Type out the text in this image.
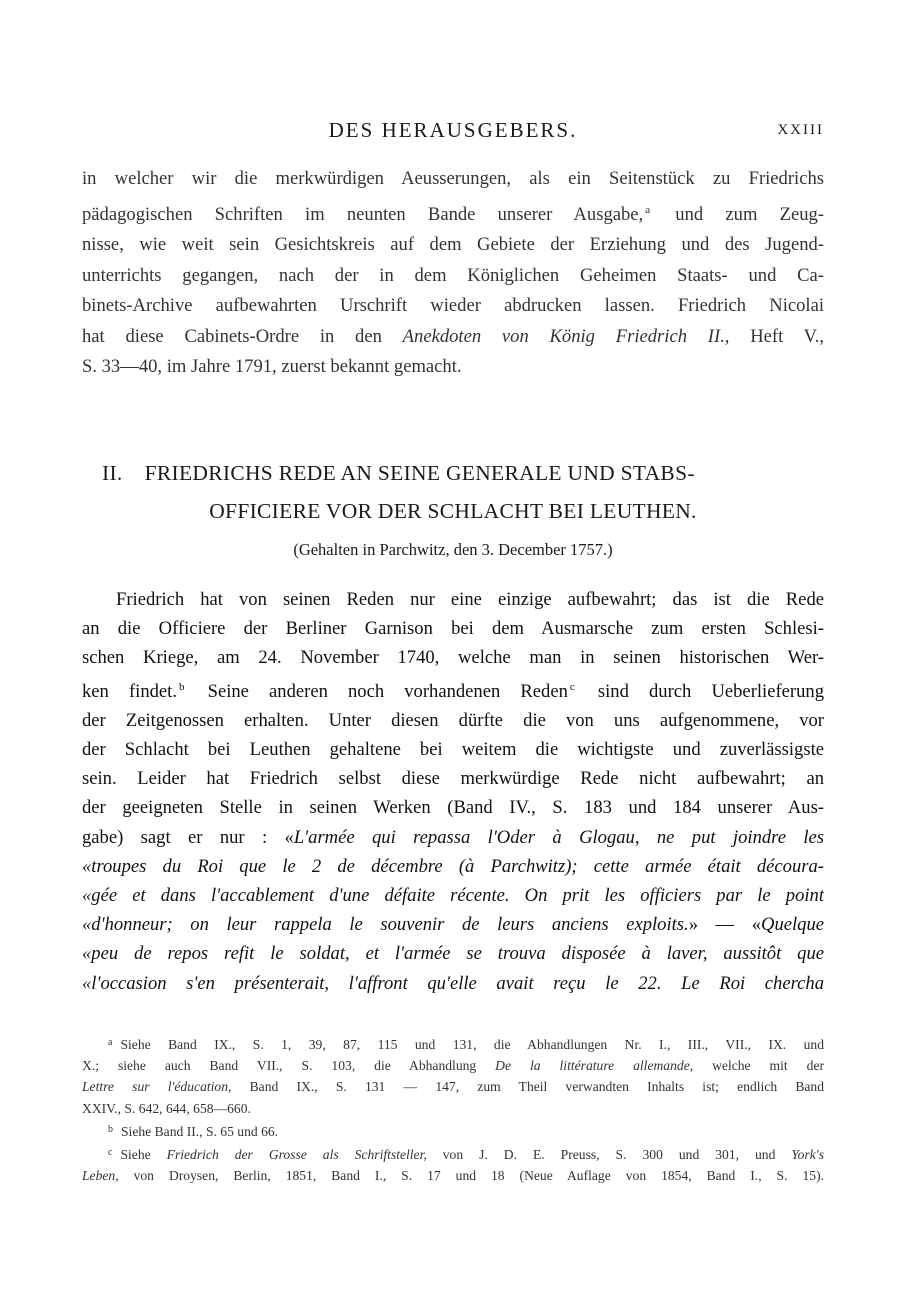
DES HERAUSGEBERS.	XXIII
in welcher wir die merkwürdigen Aeusserungen, als ein Seitenstück zu Friedrichs
pädagogischen Schriften im neunten Bande unserer Ausgabe, $^a$ und zum Zeug-
nisse, wie weit sein Gesichtskreis auf dem Gebiete der Erziehung und des Jugend-
unterrichts gegangen, nach der in dem Königlichen Geheimen Staats- und Ca-
binets-Archive aufbewahrten Urschrift wieder abdrucken lassen. Friedrich Nicolai
hat diese Cabinets-Ordre in den Anekdoten von König Friedrich II., Heft V.,
S. 33—40, im Jahre 1791, zuerst bekannt gemacht.
II. FRIEDRICHS REDE AN SEINE GENERALE UND STABS-
OFFICIERE VOR DER SCHLACHT BEI LEUTHEN.
(Gehalten in Parchwitz, den 3. December 1757.)
Friedrich hat von seinen Reden nur eine einzige aufbewahrt; das ist die Rede
an die Officiere der Berliner Garnison bei dem Ausmarsche zum ersten Schlesi-
schen Kriege, am 24. November 1740, welche man in seinen historischen Wer-
ken findet. $^b$ Seine anderen noch vorhandenen Reden $^c$ sind durch Ueberlieferung
der Zeitgenossen erhalten. Unter diesen dürfte die von uns aufgenommene, vor
der Schlacht bei Leuthen gehaltene bei weitem die wichtigste und zuverlässigste
sein. Leider hat Friedrich selbst diese merkwürdige Rede nicht aufbewahrt; an
der geeigneten Stelle in seinen Werken (Band IV., S. 183 und 184 unserer Aus-
gabe) sagt er nur : «L'armée qui repassa l'Oder à Glogau, ne put joindre les
«troupes du Roi que le 2 de décembre (à Parchwitz); cette armée était découra-
«gée et dans l'accablement d'une défaite récente. On prit les officiers par le point
«d'honneur; on leur rappela le souvenir de leurs anciens exploits.» — «Quelque
«peu de repos refit le soldat, et l'armée se trouva disposée à laver, aussitôt que
«l'occasion s'en présenterait, l'affront qu'elle avait reçu le 22. Le Roi chercha
$^a$ Siehe Band IX., S. 1, 39, 87, 115 und 131, die Abhandlungen Nr. I., III., VII., IX. und
X.; siehe auch Band VII., S. 103, die Abhandlung De la littérature allemande, welche mit der
Lettre sur l'éducation, Band IX., S. 131 — 147, zum Theil verwandten Inhalts ist; endlich Band
XXIV., S. 642, 644, 658—660.
$^b$ Siehe Band II., S. 65 und 66.
$^c$ Siehe Friedrich der Grosse als Schriftsteller, von J. D. E. Preuss, S. 300 und 301, und York's
Leben, von Droysen, Berlin, 1851, Band I., S. 17 und 18 (Neue Auflage von 1854, Band I., S. 15).
